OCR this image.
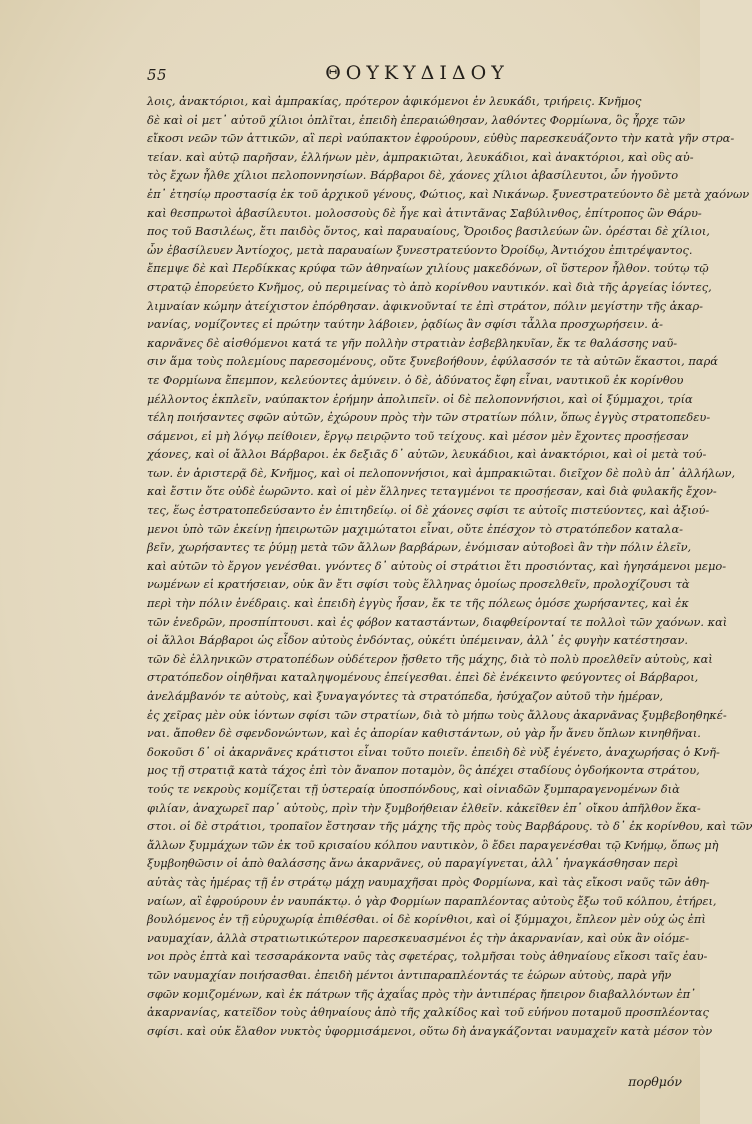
55	ΘΟΥΚΥΔΙΔΟΥ
λοις, ἀνακτόριοι, καὶ ἀμπρακίας, πρότερον ἀφικόμενοι ἐν λευκάδι, τριήρεις. Κνῆμος
δὲ καὶ οἱ μετ᾽ αὐτοῦ χίλιοι ὁπλῖται, ἐπειδὴ ἐπεραιώθησαν, λαθόντες Φορμίωνα, ὃς ἦρχε τῶν
εἴκοσι νεῶν τῶν ἀττικῶν, αἳ περὶ ναύπακτον ἐφρούρουν, εὐθὺς παρεσκευάζοντο τὴν κατὰ γῆν στρα-
τείαν. καὶ αὐτῷ παρῆσαν, ἑλλήνων μὲν, ἀμπρακιῶται, λευκάδιοι, καὶ ἀνακτόριοι, καὶ οὓς αὐ-
τὸς ἔχων ἦλθε χίλιοι πελοποννησίων. Βάρβαροι δὲ, χάονες χίλιοι ἀβασίλευτοι, ὧν ἡγοῦντο
ἐπ᾽ ἐτησίῳ προστασίᾳ ἐκ τοῦ ἀρχικοῦ γένους, Φώτιος, καὶ Νικάνωρ. ξυνεστρατεύοντο δὲ μετὰ χαόνων
καὶ θεσπρωτοὶ ἀβασίλευτοι. μολοσσοὺς δὲ ἦγε καὶ ἀτιντᾶνας Σαβύλινθος, ἐπίτροπος ὢν Θάρυ-
πος τοῦ Βασιλέως, ἔτι παιδὸς ὄντος, καὶ παραυαίους, Ὄροιδος βασιλεύων ὢν. ὀρέσται δὲ χίλιοι,
ὧν ἐβασίλευεν Ἀντίοχος, μετὰ παραυαίων ξυνεστρατεύοντο Ὀροίδῳ, Ἀντιόχου ἐπιτρέψαντος.
ἔπεμψε δὲ καὶ Περδίκκας κρύφα τῶν ἀθηναίων χιλίους μακεδόνων, οἳ ὕστερον ἦλθον. τούτῳ τῷ
στρατῷ ἐπορεύετο Κνῆμος, οὐ περιμείνας τὸ ἀπὸ κορίνθου ναυτικόν. καὶ διὰ τῆς ἀργείας ἰόντες,
λιμναίαν κώμην ἀτείχιστον ἐπόρθησαν. ἀφικνοῦνταί τε ἐπὶ στράτον, πόλιν μεγίστην τῆς ἀκαρ-
νανίας, νομίζοντες εἰ πρώτην ταύτην λάβοιεν, ῥᾳδίως ἂν σφίσι τἆλλα προσχωρήσειν. ἀ-
καρνᾶνες δὲ αἰσθόμενοι κατά τε γῆν πολλὴν στρατιὰν ἐσβεβληκυῖαν, ἔκ τε θαλάσσης ναῦ-
σιν ἅμα τοὺς πολεμίους παρεσομένους, οὔτε ξυνεβοήθουν, ἐφύλασσόν τε τὰ αὑτῶν ἕκαστοι, παρά
τε Φορμίωνα ἔπεμπον, κελεύοντες ἀμύνειν. ὁ δὲ, ἀδύνατος ἔφη εἶναι, ναυτικοῦ ἐκ κορίνθου
μέλλοντος ἐκπλεῖν, ναύπακτον ἐρήμην ἀπολιπεῖν. οἱ δὲ πελοποννήσιοι, καὶ οἱ ξύμμαχοι, τρία
τέλη ποιήσαντες σφῶν αὐτῶν, ἐχώρουν πρὸς τὴν τῶν στρατίων πόλιν, ὅπως ἐγγὺς στρατοπεδευ-
σάμενοι, εἰ μὴ λόγῳ πείθοιεν, ἔργῳ πειρῷντο τοῦ τείχους. καὶ μέσον μὲν ἔχοντες προσῄεσαν
χάονες, καὶ οἱ ἄλλοι Βάρβαροι. ἐκ δεξιᾶς δ᾽ αὐτῶν, λευκάδιοι, καὶ ἀνακτόριοι, καὶ οἱ μετὰ τού-
των. ἐν ἀριστερᾷ δὲ, Κνῆμος, καὶ οἱ πελοποννήσιοι, καὶ ἀμπρακιῶται. διεῖχον δὲ πολὺ ἀπ᾽ ἀλλήλων,
καὶ ἔστιν ὅτε οὐδὲ ἑωρῶντο. καὶ οἱ μὲν ἕλληνες τεταγμένοι τε προσῄεσαν, καὶ διὰ φυλακῆς ἔχον-
τες, ἕως ἐστρατοπεδεύσαντο ἐν ἐπιτηδείῳ. οἱ δὲ χάονες σφίσι τε αὐτοῖς πιστεύοντες, καὶ ἀξιού-
μενοι ὑπὸ τῶν ἐκείνῃ ἠπειρωτῶν μαχιμώτατοι εἶναι, οὔτε ἐπέσχον τὸ στρατόπεδον καταλα-
βεῖν, χωρήσαντες τε ῥύμῃ μετὰ τῶν ἄλλων βαρβάρων, ἐνόμισαν αὐτοβοεὶ ἂν τὴν πόλιν ἑλεῖν,
καὶ αὐτῶν τὸ ἔργον γενέσθαι. γνόντες δ᾽ αὐτοὺς οἱ στράτιοι ἔτι προσιόντας, καὶ ἡγησάμενοι μεμο-
νωμένων εἰ κρατήσειαν, οὐκ ἂν ἔτι σφίσι τοὺς ἕλληνας ὁμοίως προσελθεῖν, προλοχίζουσι τὰ
περὶ τὴν πόλιν ἐνέδραις. καὶ ἐπειδὴ ἐγγὺς ἦσαν, ἔκ τε τῆς πόλεως ὁμόσε χωρήσαντες, καὶ ἐκ
τῶν ἐνεδρῶν, προσπίπτουσι. καὶ ἐς φόβον καταστάντων, διαφθείρονταί τε πολλοὶ τῶν χαόνων. καὶ
οἱ ἄλλοι Βάρβαροι ὡς εἶδον αὐτοὺς ἐνδόντας, οὐκέτι ὑπέμειναν, ἀλλ᾽ ἐς φυγὴν κατέστησαν.
τῶν δὲ ἑλληνικῶν στρατοπέδων οὐδέτερον ᾔσθετο τῆς μάχης, διὰ τὸ πολὺ προελθεῖν αὐτοὺς, καὶ
στρατόπεδον οἰηθῆναι καταληψομένους ἐπείγεσθαι. ἐπεὶ δὲ ἐνέκειντο φεύγοντες οἱ Βάρβαροι,
ἀνελάμβανόν τε αὐτοὺς, καὶ ξυναγαγόντες τὰ στρατόπεδα, ἡσύχαζον αὐτοῦ τὴν ἡμέραν,
ἐς χεῖρας μὲν οὐκ ἰόντων σφίσι τῶν στρατίων, διὰ τὸ μήπω τοὺς ἄλλους ἀκαρνᾶνας ξυμβεβοηθηκέ-
ναι. ἄποθεν δὲ σφενδονώντων, καὶ ἐς ἀπορίαν καθιστάντων, οὐ γὰρ ἦν ἄνευ ὅπλων κινηθῆναι.
δοκοῦσι δ᾽ οἱ ἀκαρνᾶνες κράτιστοι εἶναι τοῦτο ποιεῖν. ἐπειδὴ δὲ νὺξ ἐγένετο, ἀναχωρήσας ὁ Κνῆ-
μος τῇ στρατιᾷ κατὰ τάχος ἐπὶ τὸν ἄναπον ποταμὸν, ὃς ἀπέχει σταδίους ὀγδοήκοντα στράτου,
τούς τε νεκροὺς κομίζεται τῇ ὑστεραίᾳ ὑποσπόνδους, καὶ οἰνιαδῶν ξυμπαραγενομένων διὰ
φιλίαν, ἀναχωρεῖ παρ᾽ αὐτοὺς, πρὶν τὴν ξυμβοήθειαν ἐλθεῖν. κἀκεῖθεν ἐπ᾽ οἴκου ἀπῆλθον ἕκα-
στοι. οἱ δὲ στράτιοι, τροπαῖον ἔστησαν τῆς μάχης τῆς πρὸς τοὺς Βαρβάρους. τὸ δ᾽ ἐκ κορίνθου, καὶ τῶν
ἄλλων ξυμμάχων τῶν ἐκ τοῦ κρισαίου κόλπου ναυτικὸν, ὃ ἔδει παραγενέσθαι τῷ Κνήμῳ, ὅπως μὴ
ξυμβοηθῶσιν οἱ ἀπὸ θαλάσσης ἄνω ἀκαρνᾶνες, οὐ παραγίγνεται, ἀλλ᾽ ἠναγκάσθησαν περὶ
αὐτὰς τὰς ἡμέρας τῇ ἐν στράτῳ μάχῃ ναυμαχῆσαι πρὸς Φορμίωνα, καὶ τὰς εἴκοσι ναῦς τῶν ἀθη-
ναίων, αἳ ἐφρούρουν ἐν ναυπάκτῳ. ὁ γὰρ Φορμίων παραπλέοντας αὐτοὺς ἔξω τοῦ κόλπου, ἐτήρει,
βουλόμενος ἐν τῇ εὐρυχωρίᾳ ἐπιθέσθαι. οἱ δὲ κορίνθιοι, καὶ οἱ ξύμμαχοι, ἔπλεον μὲν οὐχ ὡς ἐπὶ
ναυμαχίαν, ἀλλὰ στρατιωτικώτερον παρεσκευασμένοι ἐς τὴν ἀκαρνανίαν, καὶ οὐκ ἂν οἰόμε-
νοι πρὸς ἑπτὰ καὶ τεσσαράκοντα ναῦς τὰς σφετέρας, τολμῆσαι τοὺς ἀθηναίους εἴκοσι ταῖς ἑαυ-
τῶν ναυμαχίαν ποιήσασθαι. ἐπειδὴ μέντοι ἀντιπαραπλέοντάς τε ἑώρων αὐτοὺς, παρὰ γῆν
σφῶν κομιζομένων, καὶ ἐκ πάτρων τῆς ἀχαΐας πρὸς τὴν ἀντιπέρας ἤπειρον διαβαλλόντων ἐπ᾽
ἀκαρνανίας, κατεῖδον τοὺς ἀθηναίους ἀπὸ τῆς χαλκίδος καὶ τοῦ εὐήνου ποταμοῦ προσπλέοντας
σφίσι. καὶ οὐκ ἔλαθον νυκτὸς ὑφορμισάμενοι, οὕτω δὴ ἀναγκάζονται ναυμαχεῖν κατὰ μέσον τὸν
πορθμόν
